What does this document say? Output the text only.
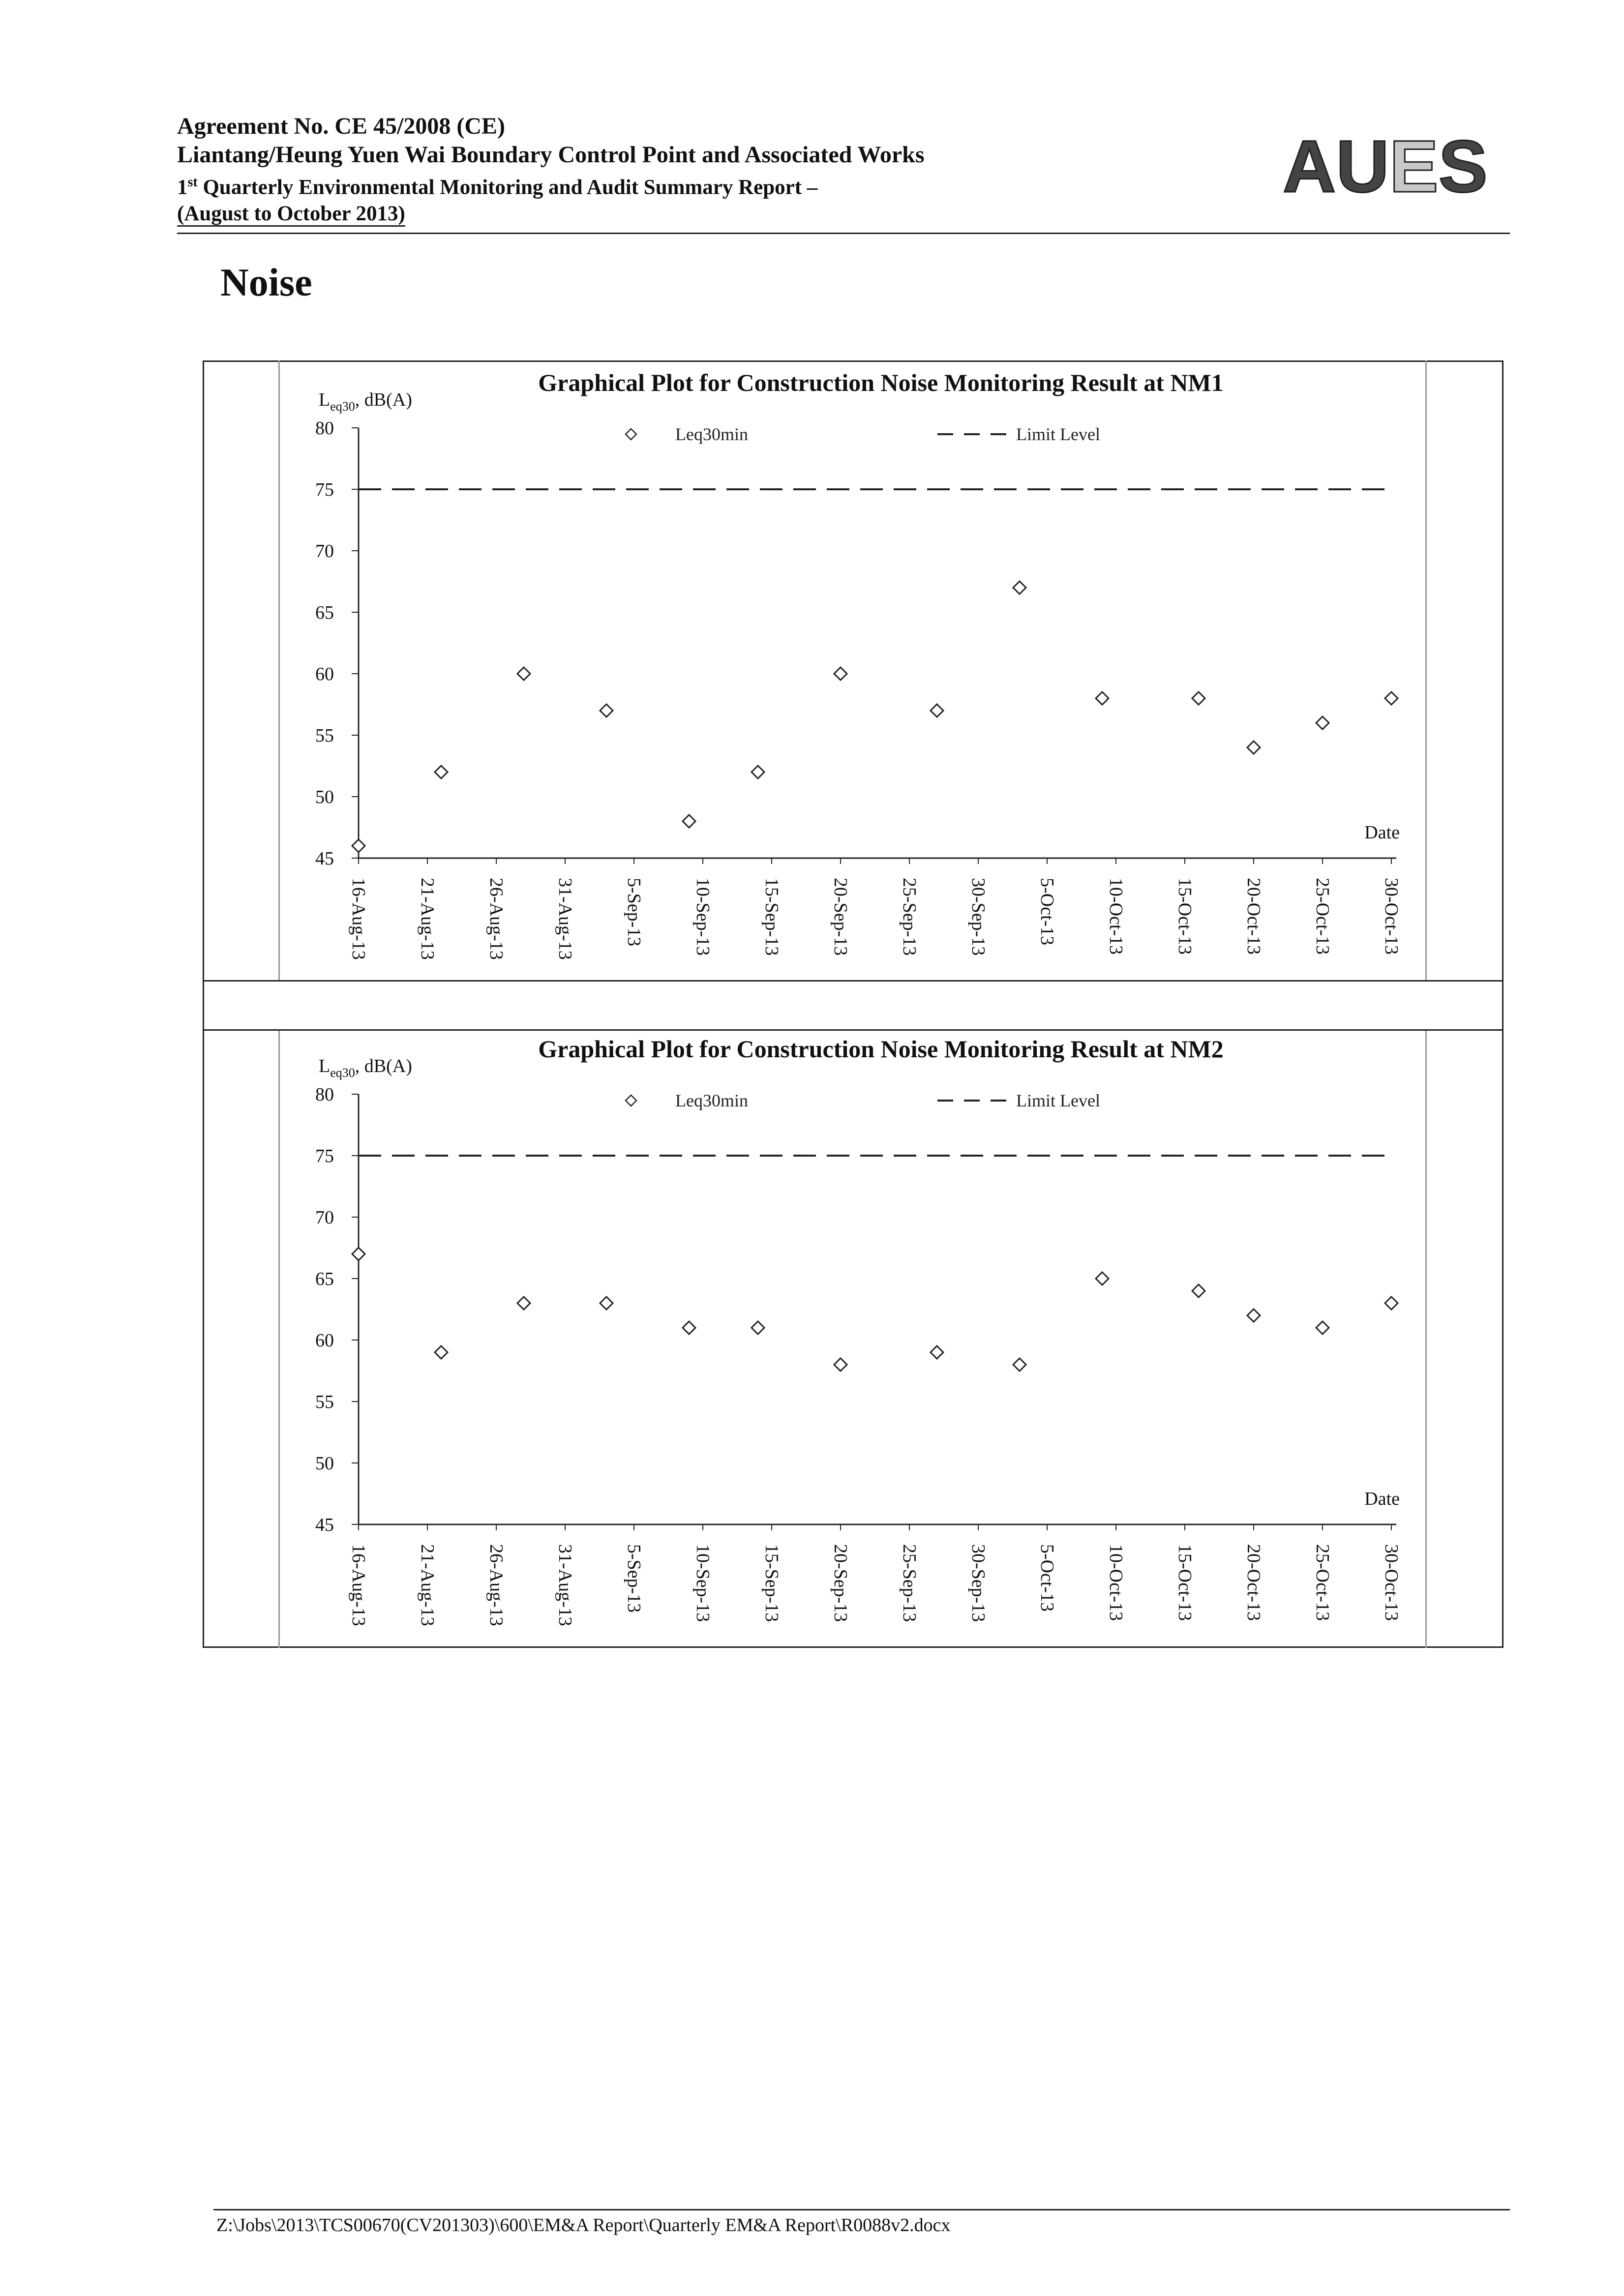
Agreement No. CE 45/2008 (CE)
Liantang/Heung Yuen Wai Boundary Control Point and Associated Works
1st Quarterly Environmental Monitoring and Audit Summary Report –
(August to October 2013)
AUES
Noise
Graphical Plot for Construction Noise Monitoring Result at NM1
$L_{eq30}$, dB(A)
45
50
55
60
65
70
75
80
16-Aug-13	21-Aug-13	26-Aug-13	31-Aug-13	5-Sep-13	10-Sep-13	15-Sep-13	20-Sep-13	25-Sep-13	30-Sep-13	5-Oct-13	10-Oct-13	15-Oct-13	20-Oct-13	25-Oct-13	30-Oct-13
Date
Leq30min	Limit Level
Graphical Plot for Construction Noise Monitoring Result at NM2
$L_{eq30}$, dB(A)
45
50
55
60
65
70
75
80
16-Aug-13	21-Aug-13	26-Aug-13	31-Aug-13	5-Sep-13	10-Sep-13	15-Sep-13	20-Sep-13	25-Sep-13	30-Sep-13	5-Oct-13	10-Oct-13	15-Oct-13	20-Oct-13	25-Oct-13	30-Oct-13
Date
Leq30min	Limit Level
Z:\Jobs\2013\TCS00670(CV201303)\600\EM&A Report\Quarterly EM&A Report\R0088v2.docx
